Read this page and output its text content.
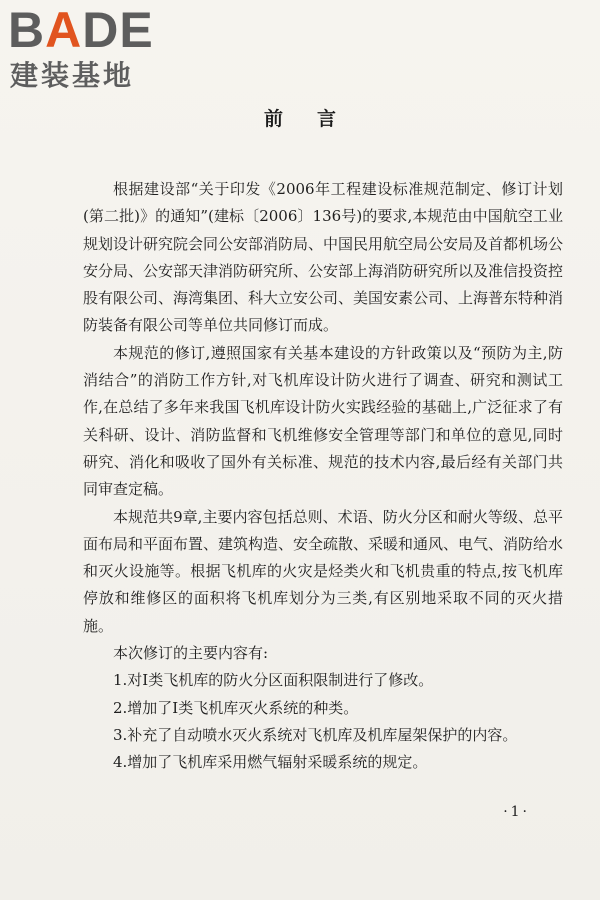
BADE
建装基地
前言

根据建设部“关于印发《2006年工程建设标准规范制定、修订计划(第二批)》的通知”(建标〔2006〕136号)的要求,本规范由中国航空工业规划设计研究院会同公安部消防局、中国民用航空局公安局及首都机场公安分局、公安部天津消防研究所、公安部上海消防研究所以及准信投资控股有限公司、海湾集团、科大立安公司、美国安素公司、上海普东特种消防装备有限公司等单位共同修订而成。

本规范的修订,遵照国家有关基本建设的方针政策以及“预防为主,防消结合”的消防工作方针,对飞机库设计防火进行了调查、研究和测试工作,在总结了多年来我国飞机库设计防火实践经验的基础上,广泛征求了有关科研、设计、消防监督和飞机维修安全管理等部门和单位的意见,同时研究、消化和吸收了国外有关标准、规范的技术内容,最后经有关部门共同审查定稿。

本规范共9章,主要内容包括总则、术语、防火分区和耐火等级、总平面布局和平面布置、建筑构造、安全疏散、采暖和通风、电气、消防给水和灭火设施等。根据飞机库的火灾是烃类火和飞机贵重的特点,按飞机库停放和维修区的面积将飞机库划分为三类,有区别地采取不同的灭火措施。

本次修订的主要内容有:

1.对Ⅰ类飞机库的防火分区面积限制进行了修改。

2.增加了Ⅰ类飞机库灭火系统的种类。

3.补充了自动喷水灭火系统对飞机库及机库屋架保护的内容。

4.增加了飞机库采用燃气辐射采暖系统的规定。

·1·
